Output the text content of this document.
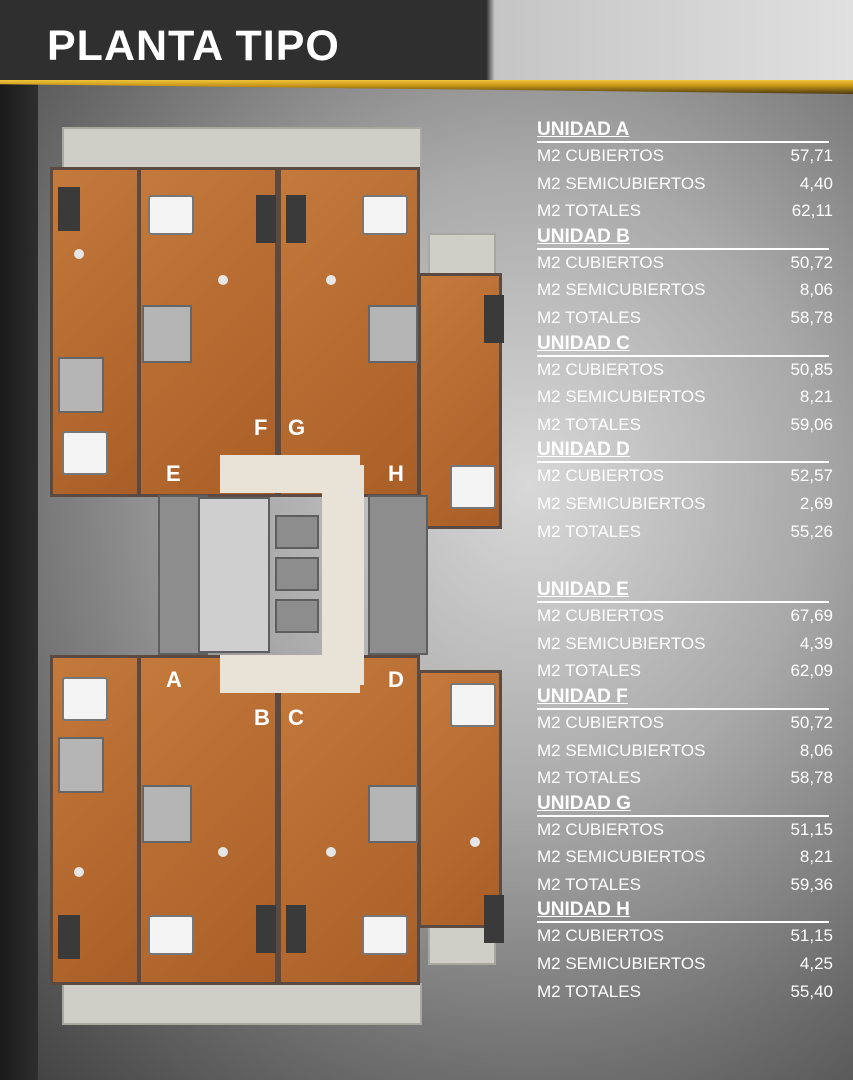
PLANTA TIPO
A
B C
D
E
F G
H
UNIDAD A
M2 CUBIERTOS	57,71
M2 SEMICUBIERTOS	4,40
M2 TOTALES	62,11
UNIDAD B
M2 CUBIERTOS	50,72
M2 SEMICUBIERTOS	8,06
M2 TOTALES	58,78
UNIDAD C
M2 CUBIERTOS	50,85
M2 SEMICUBIERTOS	8,21
M2 TOTALES	59,06
UNIDAD D
M2 CUBIERTOS	52,57
M2 SEMICUBIERTOS	2,69
M2 TOTALES	55,26
UNIDAD E
M2 CUBIERTOS	67,69
M2 SEMICUBIERTOS	4,39
M2 TOTALES	62,09
UNIDAD F
M2 CUBIERTOS	50,72
M2 SEMICUBIERTOS	8,06
M2 TOTALES	58,78
UNIDAD G
M2 CUBIERTOS	51,15
M2 SEMICUBIERTOS	8,21
M2 TOTALES	59,36
UNIDAD H
M2 CUBIERTOS	51,15
M2 SEMICUBIERTOS	4,25
M2 TOTALES	55,40
